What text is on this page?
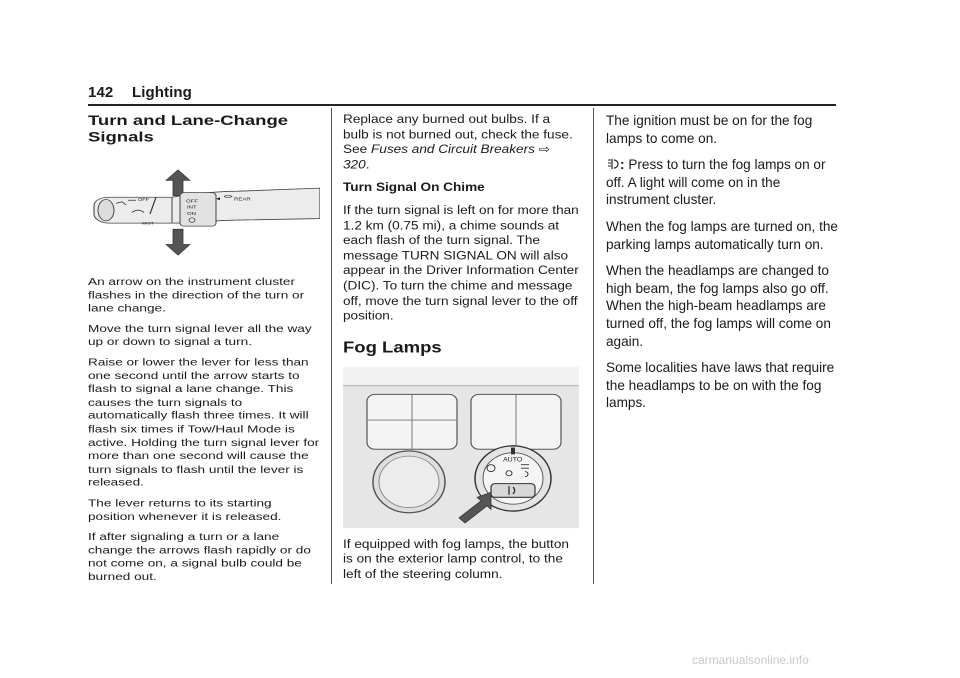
142 Lighting
Turn and Lane-Change Signals
OFF
MIST
OFF
INT
ON
REAR

An arrow on the instrument cluster flashes in the direction of the turn or lane change.

Move the turn signal lever all the way up or down to signal a turn.

Raise or lower the lever for less than one second until the arrow starts to flash to signal a lane change. This causes the turn signals to automatically flash three times. It will flash six times if Tow/Haul Mode is active. Holding the turn signal lever for more than one second will cause the turn signals to flash until the lever is released.

The lever returns to its starting position whenever it is released.

If after signaling a turn or a lane change the arrows flash rapidly or do not come on, a signal bulb could be burned out.

Replace any burned out bulbs. If a bulb is not burned out, check the fuse. See Fuses and Circuit Breakers ⇨ 320.

Turn Signal On Chime

If the turn signal is left on for more than 1.2 km (0.75 mi), a chime sounds at each flash of the turn signal. The message TURN SIGNAL ON will also appear in the Driver Information Center (DIC). To turn the chime and message off, move the turn signal lever to the off position.

Fog Lamps
AUTO

If equipped with fog lamps, the button is on the exterior lamp control, to the left of the steering column.

The ignition must be on for the fog lamps to come on.

: Press to turn the fog lamps on or off. A light will come on in the instrument cluster.

When the fog lamps are turned on, the parking lamps automatically turn on.

When the headlamps are changed to high beam, the fog lamps also go off. When the high-beam headlamps are turned off, the fog lamps will come on again.

Some localities have laws that require the headlamps to be on with the fog lamps.

carmanualsonline.info
